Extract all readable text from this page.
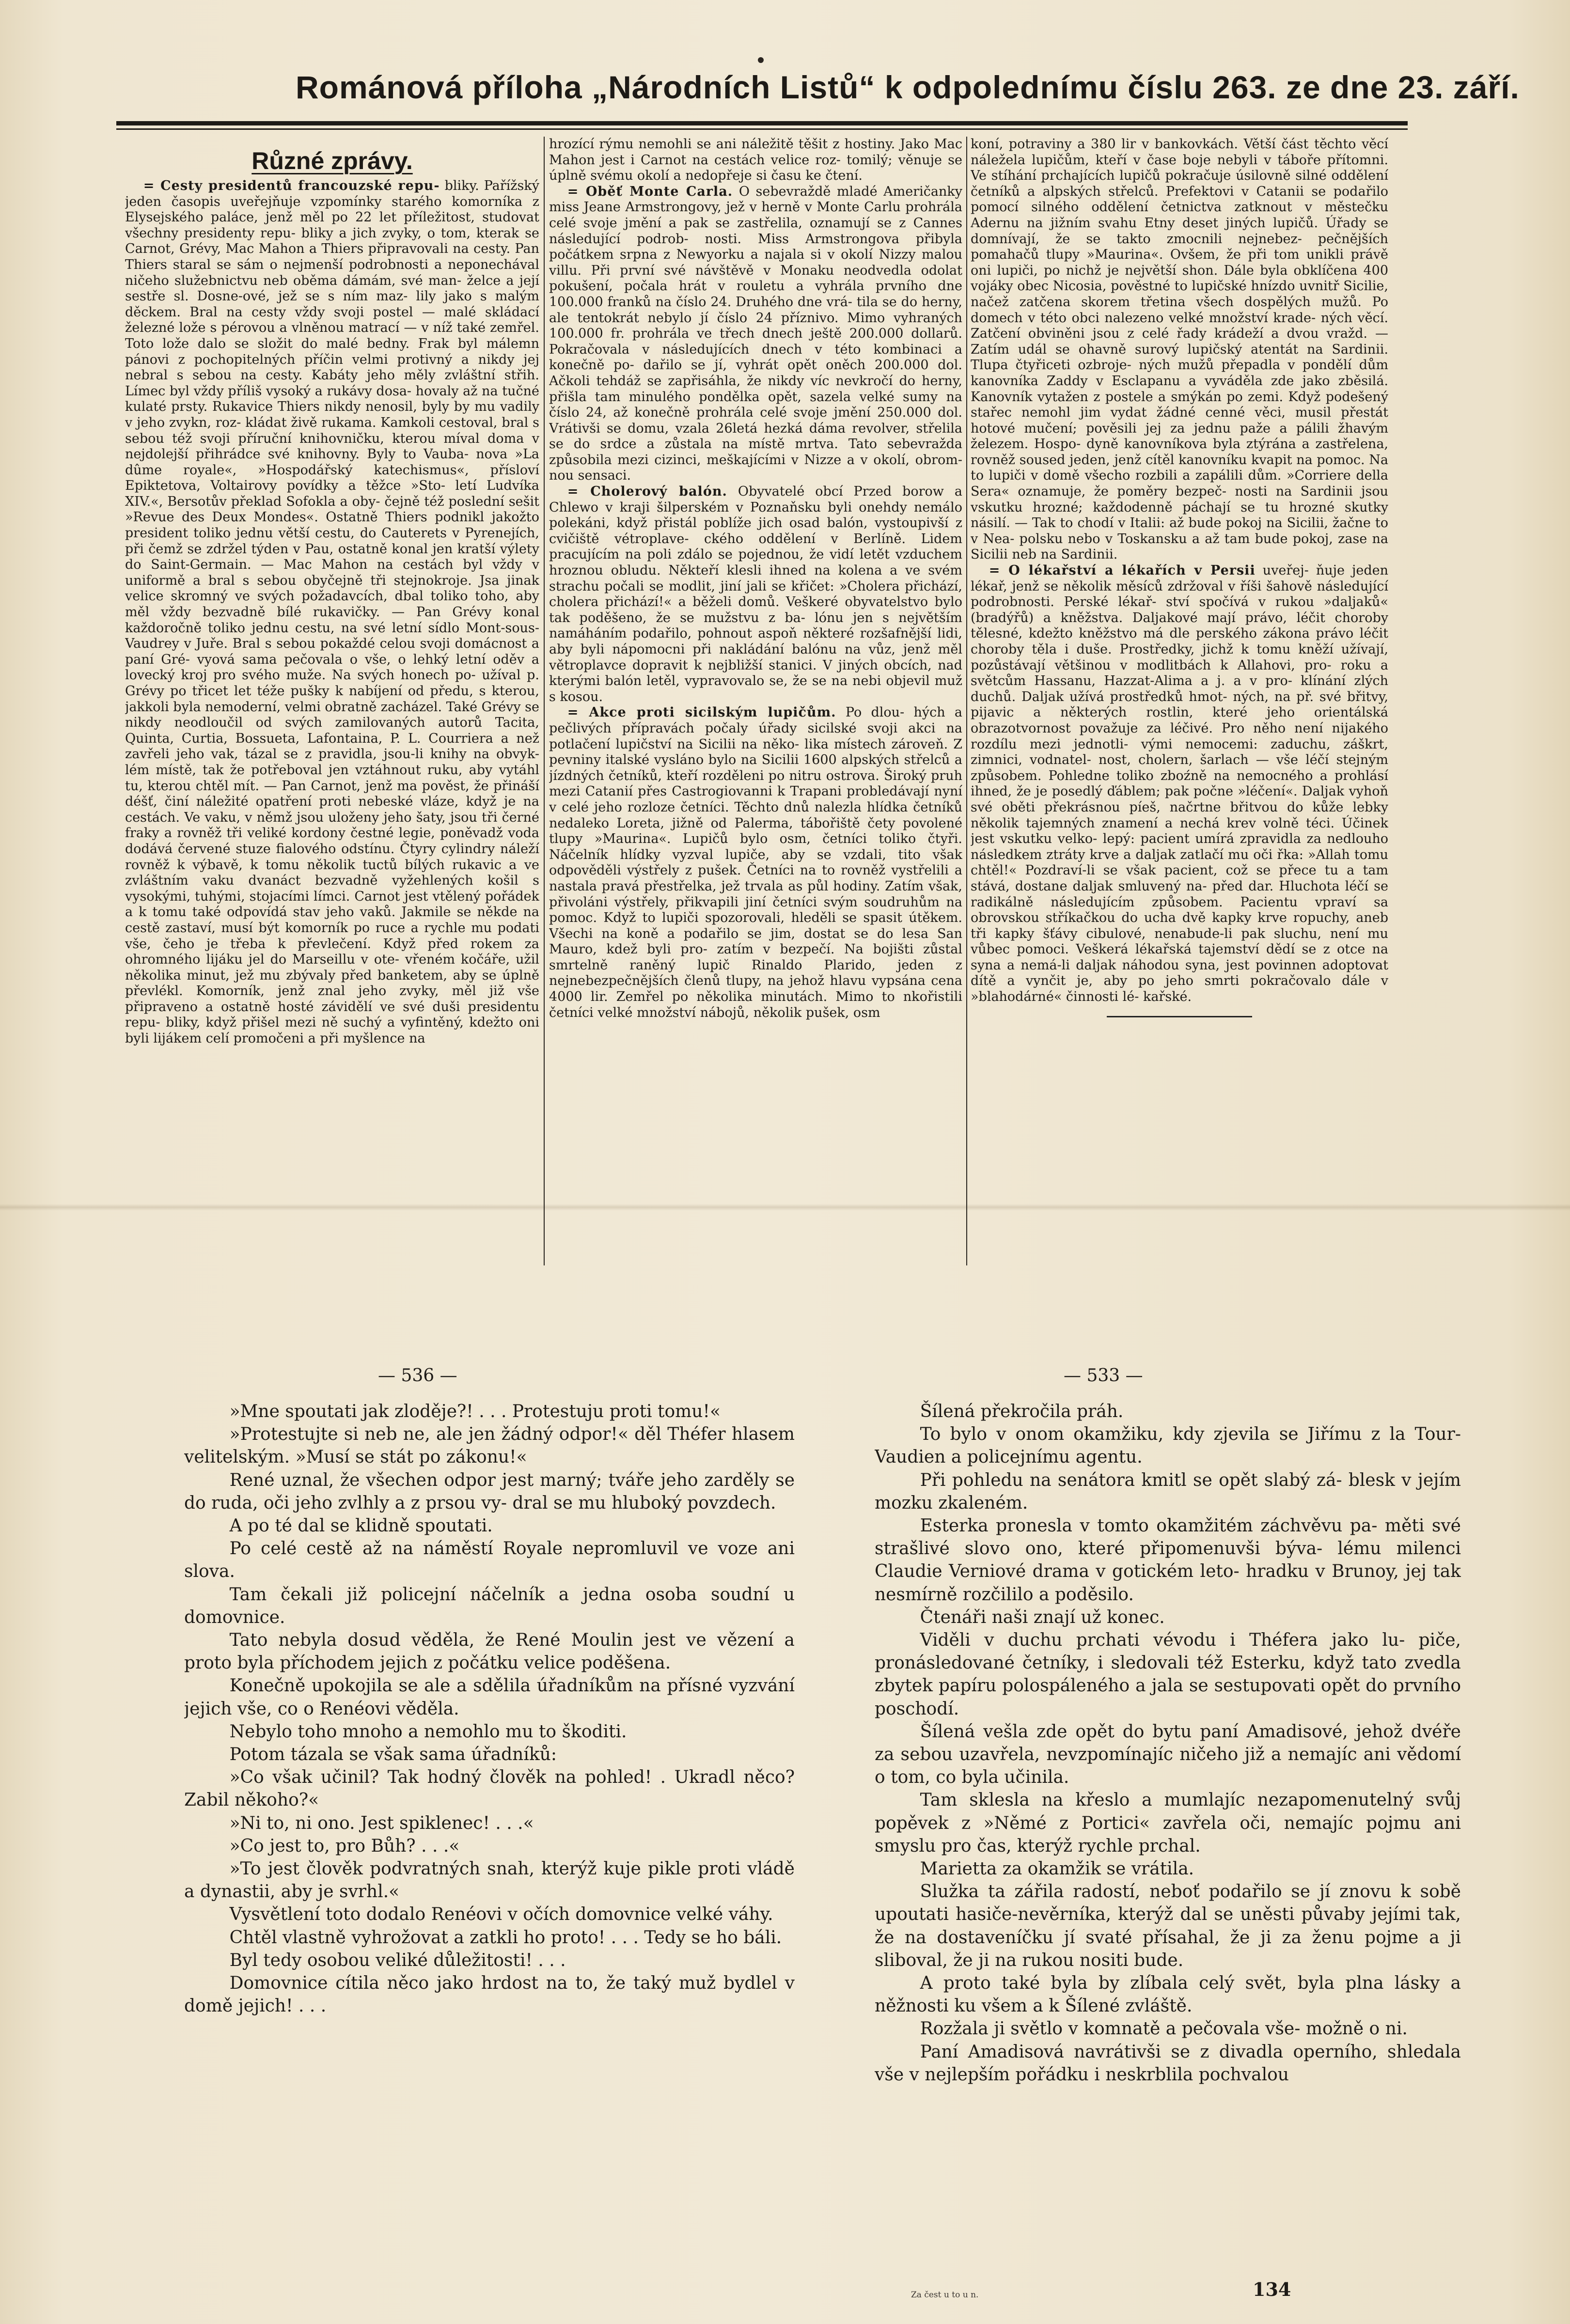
Románová příloha „Národních Listů“ k odpolednímu číslu 263. ze dne 23. září.
Různé zprávy.

= Cesty presidentů francouzské repu- bliky. Pařížský jeden časopis uveřejňuje vzpomínky starého komorníka z Elysejského paláce, jenž měl po 22 let příležitost, studovat všechny presidenty repu- bliky a jich zvyky, o tom, kterak se Carnot, Grévy, Mac Mahon a Thiers připravovali na cesty. Pan Thiers staral se sám o nejmenší podrobnosti a neponechával ničeho služebnictvu neb oběma dámám, své man- želce a její sestře sl. Dosne-ové, jež se s ním maz- lily jako s malým děckem. Bral na cesty vždy svoji postel — malé skládací železné lože s pérovou a vlněnou matrací — v níž také zemřel. Toto lože dalo se složit do malé bedny. Frak byl málemn pánovi z pochopitelných příčin velmi protivný a nikdy jej nebral s sebou na cesty. Kabáty jeho měly zvláštní střih. Límec byl vždy příliš vysoký a rukávy dosa- hovaly až na tučné kulaté prsty. Rukavice Thiers nikdy nenosil, byly by mu vadily v jeho zvykn, roz- kládat živě rukama. Kamkoli cestoval, bral s sebou též svoji příruční knihovničku, kterou míval doma v nejdolejší přihrádce své knihovny. Byly to Vauba- nova »La dûme royale«, »Hospodářský katechismus«, přísloví Epiktetova, Voltairovy povídky a těžce »Sto- letí Ludvíka XIV.«, Bersotův překlad Sofokla a oby- čejně též poslední sešit »Revue des Deux Mondes«. Ostatně Thiers podnikl jakožto president toliko jednu větší cestu, do Cauterets v Pyrenejích, při čemž se zdržel týden v Pau, ostatně konal jen kratší výlety do Saint-Germain. — Mac Mahon na cestách byl vždy v uniformě a bral s sebou obyčejně tři stejnokroje. Jsa jinak velice skromný ve svých požadavcích, dbal toliko toho, aby měl vždy bezvadně bílé rukavičky. — Pan Grévy konal každoročně toliko jednu cestu, na své letní sídlo Mont-sous-Vaudrey v Juře. Bral s sebou pokaždé celou svoji domácnost a paní Gré- vyová sama pečovala o vše, o lehký letní oděv a lovecký kroj pro svého muže. Na svých honech po- užíval p. Grévy po třicet let téže pušky k nabíjení od předu, s kterou, jakkoli byla nemoderní, velmi obratně zacházel. Také Grévy se nikdy neodloučil od svých zamilovaných autorů Tacita, Quinta, Curtia, Bossueta, Lafontaina, P. L. Courriera a než zavřeli jeho vak, tázal se z pravidla, jsou-li knihy na obvyk- lém místě, tak že potřeboval jen vztáhnout ruku, aby vytáhl tu, kterou chtěl mít. — Pan Carnot, jenž ma pověst, že přináší déšť, činí náležité opatření proti nebeské vláze, když je na cestách. Ve vaku, v němž jsou uloženy jeho šaty, jsou tři černé fraky a rovněž tři veliké kordony čestné legie, poněvadž voda dodává červené stuze fialového odstínu. Čtyry cylindry náleží rovněž k výbavě, k tomu několik tuctů bílých rukavic a ve zvláštním vaku dvanáct bezvadně vyžehlených košil s vysokými, tuhými, stojacími límci. Carnot jest vtělený pořádek a k tomu také odpovídá stav jeho vaků. Jakmile se někde na cestě zastaví, musí být komorník po ruce a rychle mu podati vše, čeho je třeba k převlečení. Když před rokem za ohromného lijáku jel do Marseillu v ote- vřeném kočáře, užil několika minut, jež mu zbývaly před banketem, aby se úplně převlékl. Komorník, jenž znal jeho zvyky, měl již vše připraveno a ostatně hosté závidělí ve své duši presidentu repu- bliky, když přišel mezi ně suchý a vyfintěný, kdežto oni byli lijákem celí promočeni a při myšlence na

hrozící rýmu nemohli se ani náležitě těšit z hostiny. Jako Mac Mahon jest i Carnot na cestách velice roz- tomilý; věnuje se úplně svému okolí a nedopřeje si času ke čtení.

= Oběť Monte Carla. O sebevraždě mladé Američanky miss Jeane Armstrongovy, jež v herně v Monte Carlu prohrála celé svoje jmění a pak se zastřelila, oznamují se z Cannes následující podrob- nosti. Miss Armstrongova přibyla počátkem srpna z Newyorku a najala si v okolí Nizzy malou villu. Při první své návštěvě v Monaku neodvedla odolat pokušení, počala hrát v rouletu a vyhrála prvního dne 100.000 franků na číslo 24. Druhého dne vrá- tila se do herny, ale tentokrát nebylo jí číslo 24 příznivo. Mimo vyhraných 100.000 fr. prohrála ve třech dnech ještě 200.000 dollarů. Pokračovala v následujících dnech v této kombinaci a konečně po- dařilo se jí, vyhrát opět oněch 200.000 dol. Ačkoli tehdáž se zapřisáhla, že nikdy víc nevkročí do herny, přišla tam minulého pondělka opět, sazela velké sumy na číslo 24, až konečně prohrála celé svoje jmění 250.000 dol. Vrátivši se domu, vzala 26letá hezká dáma revolver, střelila se do srdce a zůstala na místě mrtva. Tato sebevražda způsobila mezi cizinci, meškajícími v Nizze a v okolí, obrom- nou sensaci.

= Cholerový balón. Obyvatelé obcí Przed borow a Chlewo v kraji šilperském v Poznaňsku byli onehdy nemálo polekáni, když přistál poblíže jich osad balón, vystoupivší z cvičiště vétroplave- ckého oddělení v Berlíně. Lidem pracujícím na poli zdálo se pojednou, že vidí letět vzduchem hroznou obludu. Někteří klesli ihned na kolena a ve svém strachu počali se modlit, jiní jali se křičet: »Cholera přichází, cholera přichází!« a běželi domů. Veškeré obyvatelstvo bylo tak poděšeno, že se mužstvu z ba- lónu jen s největším namáháním podařilo, pohnout aspoň některé rozšafnější lidi, aby byli nápomocni při nakládání balónu na vůz, jenž měl větroplavce dopravit k nejbližší stanici. V jiných obcích, nad kterými balón letěl, vypravovalo se, že se na nebi objevil muž s kosou.

= Akce proti sicilským lupičům. Po dlou- hých a pečlivých přípravách počaly úřady sicilské svoji akci na potlačení lupičství na Sicilii na něko- lika místech zároveň. Z pevniny italské vysláno bylo na Sicilii 1600 alpských střelců a jízdných četníků, kteří rozděleni po nitru ostrova. Široký pruh mezi Catanií přes Castrogiovanni k Trapani probledávají nyní v celé jeho rozloze četníci. Těchto dnů nalezla hlídka četníků nedaleko Loreta, jižně od Palerma, tábořiště čety povolené tlupy »Maurina«. Lupičů bylo osm, četníci toliko čtyři. Náčelník hlídky vyzval lupiče, aby se vzdali, tito však odpověděli výstřely z pušek. Četníci na to rovněž vystřelili a nastala pravá přestřelka, jež trvala as půl hodiny. Zatím však, přivoláni výstřely, přikvapili jiní četníci svým soudruhům na pomoc. Když to lupiči spozorovali, hleděli se spasit útěkem. Všechi na koně a podařilo se jim, dostat se do lesa San Mauro, kdež byli pro- zatím v bezpečí. Na bojišti zůstal smrtelně raněný lupič Rinaldo Plarido, jeden z nejnebezpečnějších členů tlupy, na jehož hlavu vypsána cena 4000 lir. Zemřel po několika minutách. Mimo to nkořistili četníci velké množství nábojů, několik pušek, osm

koní, potraviny a 380 lir v bankovkách. Větší část těchto věcí náležela lupičům, kteří v čase boje nebyli v táboře přítomni. Ve stíhání prchajících lupičů pokračuje úsilovně silné oddělení četníků a alpských střelců. Prefektovi v Catanii se podařilo pomocí silného oddělení četnictva zatknout v městečku Adernu na jižním svahu Etny deset jiných lupičů. Úřady se domnívají, že se takto zmocnili nejnebez- pečnějších pomahačů tlupy »Maurina«. Ovšem, že při tom unikli právě oni lupiči, po nichž je největší shon. Dále byla obklíčena 400 vojáky obec Nicosia, pověstné to lupičské hnízdo uvnitř Sicilie, načež zatčena skorem třetina všech dospělých mužů. Po domech v této obci nalezeno velké množství krade- ných věcí. Zatčení obviněni jsou z celé řady krádeží a dvou vražd. — Zatím udál se ohavně surový lupičský atentát na Sardinii. Tlupa čtyřiceti ozbroje- ných mužů přepadla v pondělí dům kanovníka Zaddy v Esclapanu a vyváděla zde jako zběsilá. Kanovník vytažen z postele a smýkán po zemi. Když podešený stařec nemohl jim vydat žádné cenné věci, musil přestát hotové mučení; pověsili jej za jednu paže a pálili žhavým železem. Hospo- dyně kanovníkova byla ztýrána a zastřelena, rovněž soused jeden, jenž cítěl kanovníku kvapit na pomoc. Na to lupiči v domě všecho rozbili a zapálili dům. »Corriere della Sera« oznamuje, že poměry bezpeč- nosti na Sardinii jsou vskutku hrozné; každodenně páchají se tu hrozné skutky násilí. — Tak to chodí v Italii: až bude pokoj na Sicilii, žačne to v Nea- polsku nebo v Toskansku a až tam bude pokoj, zase na Sicilii neb na Sardinii.

= O lékařství a lékařích v Persii uveřej- ňuje jeden lékař, jenž se několik měsíců zdržoval v říši šahově následující podrobnosti. Perské lékař- ství spočívá v rukou »daljaků« (bradýřů) a kněžstva. Daljakové mají právo, léčit choroby tělesné, kdežto kněžstvo má dle perského zákona právo léčit choroby těla i duše. Prostředky, jichž k tomu kněží užívají, pozůstávají většinou v modlitbách k Allahovi, pro- roku a světcům Hassanu, Hazzat-Alima a j. a v pro- klínání zlých duchů. Daljak užívá prostředků hmot- ných, na př. své břitvy, pijavic a některých rostlin, které jeho orientálská obrazotvornost považuje za léčivé. Pro něho není nijakého rozdílu mezi jednotli- vými nemocemi: zaduchu, záškrt, zimnici, vodnatel- nost, cholern, šarlach — vše léčí stejným způsobem. Pohledne toliko zboźně na nemocného a prohlásí ihned, že je posedlý ďáblem; pak počne »léčení«. Daljak vyhoň své oběti překrásnou píeš, načrtne břitvou do kůže lebky několik tajemných znamení a nechá krev volně téci. Účinek jest vskutku velko- lepý: pacient umírá zpravidla za nedlouho následkem ztráty krve a daljak zatlačí mu oči řka: »Allah tomu chtěl!« Pozdraví-li se však pacient, což se přece tu a tam stává, dostane daljak smluvený na- před dar. Hluchota léčí se radikálně následujícím způsobem. Pacientu vpraví sa obrovskou stříkačkou do ucha dvě kapky krve ropuchy, aneb tři kapky šťávy cibulové, nenabude-li pak sluchu, není mu vůbec pomoci. Veškerá lékařská tajemství dědí se z otce na syna a nemá-li daljak náhodou syna, jest povinnen adoptovat dítě a vynčit je, aby po jeho smrti pokračovalo dále v »blahodárné« činnosti lé- kařské.

— 536 —	— 533 —

»Mne spoutati jak zloděje?! . . . Protestuju proti tomu!«

»Protestujte si neb ne, ale jen žádný odpor!« děl Théfer hlasem velitelským. »Musí se stát po zákonu!«

René uznal, že všechen odpor jest marný; tváře jeho zarděly se do ruda, oči jeho zvlhly a z prsou vy- dral se mu hluboký povzdech.

A po té dal se klidně spoutati.

Po celé cestě až na náměstí Royale nepromluvil ve voze ani slova.

Tam čekali již policejní náčelník a jedna osoba soudní u domovnice.

Tato nebyla dosud věděla, že René Moulin jest ve vězení a proto byla příchodem jejich z počátku velice poděšena.

Konečně upokojila se ale a sdělila úřadníkům na přísné vyzvání jejich vše, co o Renéovi věděla.

Nebylo toho mnoho a nemohlo mu to škoditi.

Potom tázala se však sama úřadníků:

»Co však učinil? Tak hodný člověk na pohled! . Ukradl něco? Zabil někoho?«

»Ni to, ni ono. Jest spiklenec! . . .«

»Co jest to, pro Bůh? . . .«

»To jest člověk podvratných snah, kterýž kuje pikle proti vládě a dynastii, aby je svrhl.«

Vysvětlení toto dodalo Renéovi v očích domovnice velké váhy.

Chtěl vlastně vyhrožovat a zatkli ho proto! . . . Tedy se ho báli.

Byl tedy osobou veliké důležitosti! . . .

Domovnice cítila něco jako hrdost na to, že taký muž bydlel v domě jejich! . . .

Šílená překročila práh.

To bylo v onom okamžiku, kdy zjevila se Jiřímu z la Tour-Vaudien a policejnímu agentu.

Při pohledu na senátora kmitl se opět slabý zá- blesk v jejím mozku zkaleném.

Esterka pronesla v tomto okamžitém záchvěvu pa- měti své strašlivé slovo ono, které připomenuvši býva- lému milenci Claudie Verniové drama v gotickém leto- hradku v Brunoy, jej tak nesmírně rozčililo a poděsilo.

Čtenáři naši znají už konec.

Viděli v duchu prchati vévodu i Théfera jako lu- piče, pronásledované četníky, i sledovali též Esterku, když tato zvedla zbytek papíru polospáleného a jala se sestupovati opět do prvního poschodí.

Šílená vešla zde opět do bytu paní Amadisové, jehož dvéře za sebou uzavřela, nevzpomínajíc ničeho již a nemajíc ani vědomí o tom, co byla učinila.

Tam sklesla na křeslo a mumlajíc nezapomenutelný svůj popěvek z »Němé z Portici« zavřela oči, nemajíc pojmu ani smyslu pro čas, kterýž rychle prchal.

Marietta za okamžik se vrátila.

Služka ta zářila radostí, neboť podařilo se jí znovu k sobě upoutati hasiče-nevěrníka, kterýž dal se uněsti půvaby jejími tak, že na dostaveníčku jí svaté přísahal, že ji za ženu pojme a ji sliboval, že ji na rukou nositi bude.

A proto také byla by zlíbala celý svět, byla plna lásky a něžnosti ku všem a k Šílené zvláště.

Rozžala ji světlo v komnatě a pečovala vše- možně o ni.

Paní Amadisová navrátivši se z divadla operního, shledala vše v nejlepším pořádku i neskrblila pochvalou

Za čest u to u n.	134
